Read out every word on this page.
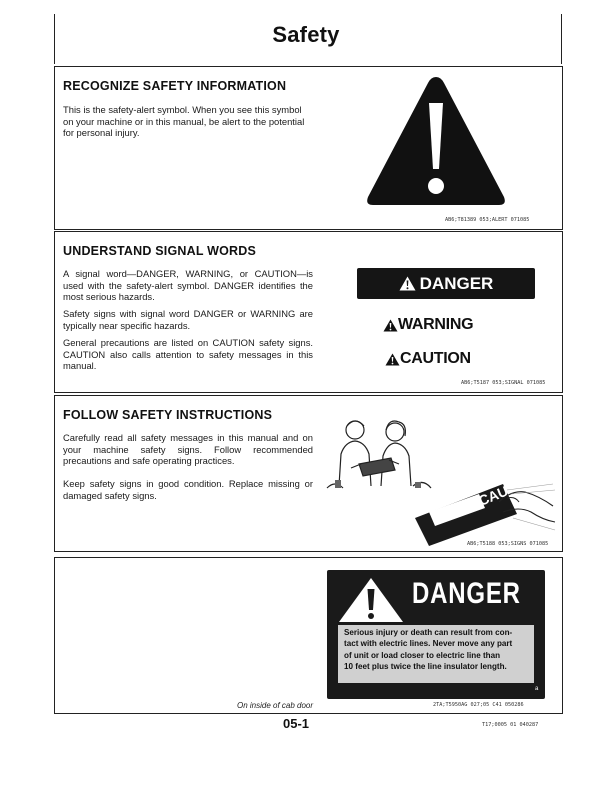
Safety
RECOGNIZE SAFETY INFORMATION
This is the safety-alert symbol. When you see this symbol on your machine or in this manual, be alert to the potential for personal injury.
AB6;T81389 053;ALERT 071085
UNDERSTAND SIGNAL WORDS
A signal word—DANGER, WARNING, or CAUTION—is used with the safety-alert symbol. DANGER identifies the most serious hazards.
Safety signs with signal word DANGER or WARNING are typically near specific hazards.
General precautions are listed on CAUTION safety signs. CAUTION also calls attention to safety messages in this manual.
DANGER
WARNING
CAUTION
AB6;T5187 053;SIGNAL 071085
FOLLOW SAFETY INSTRUCTIONS
Carefully read all safety messages in this manual and on your machine safety signs. Follow recommended precautions and safe operating practices.
Keep safety signs in good condition. Replace missing or damaged safety signs.	CAUT
AB6;T5188 053;SIGNS 071085
DANGER
Serious injury or death can result from con-
tact with electric lines. Never move any part
of unit or load closer to electric line than
10 feet plus twice the line insulator length.
a
On inside of cab door	2TA;T5950AG 027;05 C41 050286
05-1	T17;0005 01 040287
